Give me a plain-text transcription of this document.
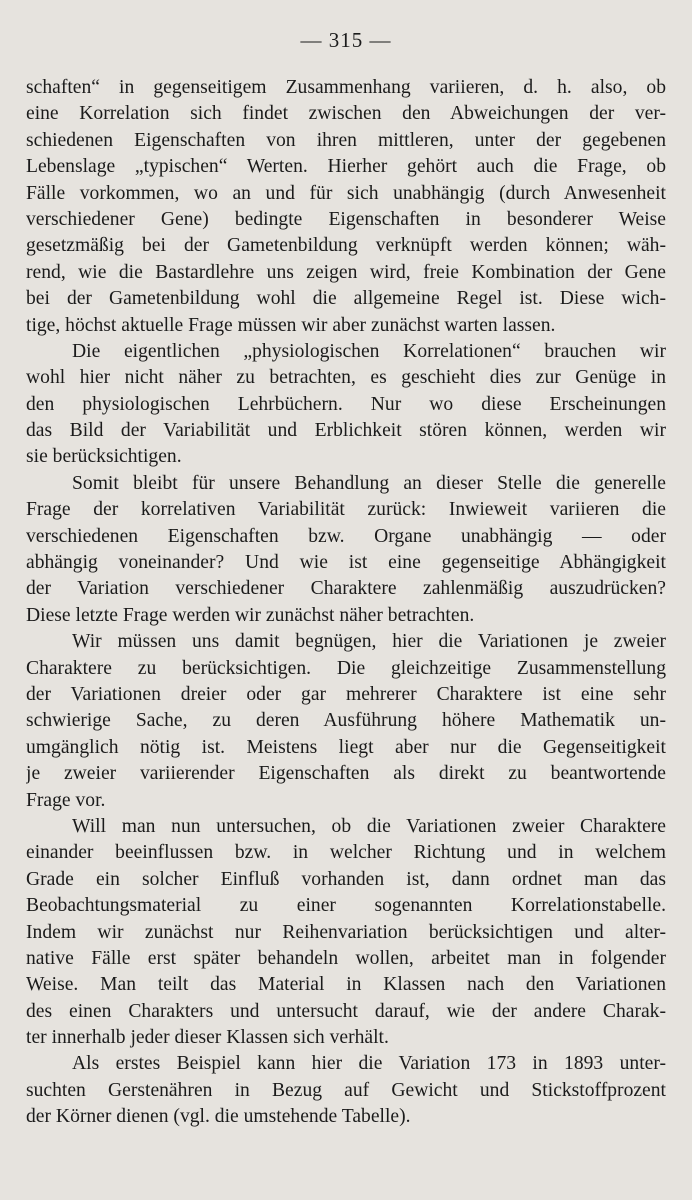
— 315 —
schaften“ in gegenseitigem Zusammenhang variieren, d. h. also, ob
eine Korrelation sich findet zwischen den Abweichungen der ver-
schiedenen Eigenschaften von ihren mittleren, unter der gegebenen
Lebenslage „typischen“ Werten. Hierher gehört auch die Frage, ob
Fälle vorkommen, wo an und für sich unabhängig (durch Anwesenheit
verschiedener Gene) bedingte Eigenschaften in besonderer Weise
gesetzmäßig bei der Gametenbildung verknüpft werden können; wäh-
rend, wie die Bastardlehre uns zeigen wird, freie Kombination der Gene
bei der Gametenbildung wohl die allgemeine Regel ist. Diese wich-
tige, höchst aktuelle Frage müssen wir aber zunächst warten lassen.
Die eigentlichen „physiologischen Korrelationen“ brauchen wir
wohl hier nicht näher zu betrachten, es geschieht dies zur Genüge in
den physiologischen Lehrbüchern. Nur wo diese Erscheinungen
das Bild der Variabilität und Erblichkeit stören können, werden wir
sie berücksichtigen.
Somit bleibt für unsere Behandlung an dieser Stelle die generelle
Frage der korrelativen Variabilität zurück: Inwieweit variieren die
verschiedenen Eigenschaften bzw. Organe unabhängig — oder
abhängig voneinander? Und wie ist eine gegenseitige Abhängigkeit
der Variation verschiedener Charaktere zahlenmäßig auszudrücken?
Diese letzte Frage werden wir zunächst näher betrachten.
Wir müssen uns damit begnügen, hier die Variationen je zweier
Charaktere zu berücksichtigen. Die gleichzeitige Zusammenstellung
der Variationen dreier oder gar mehrerer Charaktere ist eine sehr
schwierige Sache, zu deren Ausführung höhere Mathematik un-
umgänglich nötig ist. Meistens liegt aber nur die Gegenseitigkeit
je zweier variierender Eigenschaften als direkt zu beantwortende
Frage vor.
Will man nun untersuchen, ob die Variationen zweier Charaktere
einander beeinflussen bzw. in welcher Richtung und in welchem
Grade ein solcher Einfluß vorhanden ist, dann ordnet man das
Beobachtungsmaterial zu einer sogenannten Korrelationstabelle.
Indem wir zunächst nur Reihenvariation berücksichtigen und alter-
native Fälle erst später behandeln wollen, arbeitet man in folgender
Weise. Man teilt das Material in Klassen nach den Variationen
des einen Charakters und untersucht darauf, wie der andere Charak-
ter innerhalb jeder dieser Klassen sich verhält.
Als erstes Beispiel kann hier die Variation 173 in 1893 unter-
suchten Gerstenähren in Bezug auf Gewicht und Stickstoffprozent
der Körner dienen (vgl. die umstehende Tabelle).
